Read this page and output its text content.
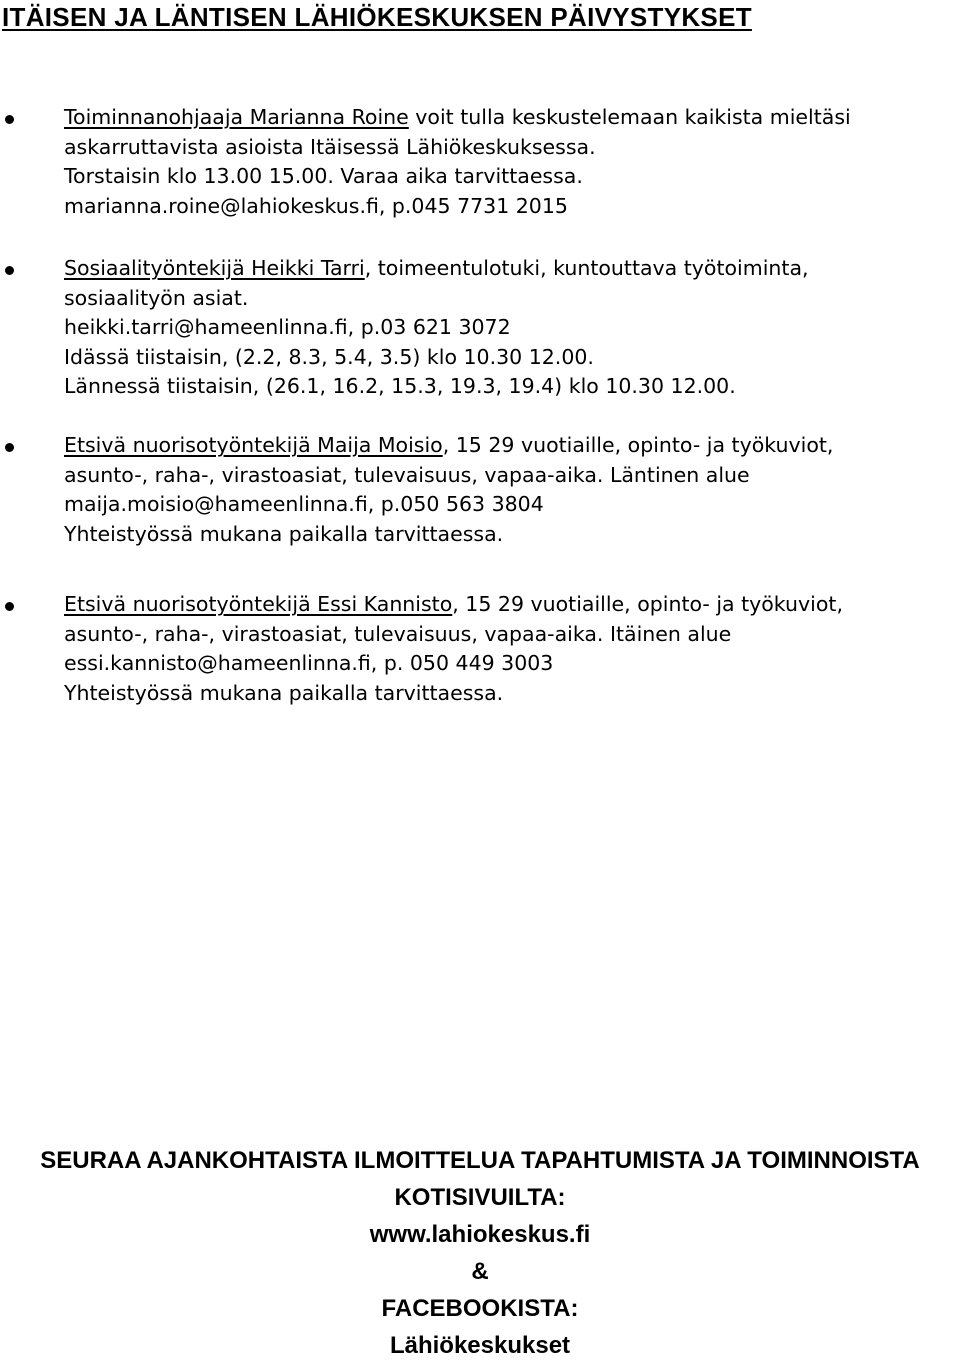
ITÄISEN JA LÄNTISEN LÄHIÖKESKUKSEN PÄIVYSTYKSET
Toiminnanohjaaja Marianna Roine voit tulla keskustelemaan kaikista mieltäsi
askarruttavista asioista Itäisessä Lähiökeskuksessa.
Torstaisin klo 13.00 15.00. Varaa aika tarvittaessa.
marianna.roine@lahiokeskus.fi, p.045 7731 2015
Sosiaalityöntekijä Heikki Tarri, toimeentulotuki, kuntouttava työtoiminta,
sosiaalityön asiat.
heikki.tarri@hameenlinna.fi, p.03 621 3072
Idässä tiistaisin, (2.2, 8.3, 5.4, 3.5) klo 10.30 12.00.
Lännessä tiistaisin, (26.1, 16.2, 15.3, 19.3, 19.4) klo 10.30 12.00.
Etsivä nuorisotyöntekijä Maija Moisio, 15 29 vuotiaille, opinto- ja työkuviot,
asunto-, raha-, virastoasiat, tulevaisuus, vapaa-aika. Läntinen alue
maija.moisio@hameenlinna.fi, p.050 563 3804
Yhteistyössä mukana paikalla tarvittaessa.
Etsivä nuorisotyöntekijä Essi Kannisto, 15 29 vuotiaille, opinto- ja työkuviot,
asunto-, raha-, virastoasiat, tulevaisuus, vapaa-aika. Itäinen alue
essi.kannisto@hameenlinna.fi, p. 050 449 3003
Yhteistyössä mukana paikalla tarvittaessa.
SEURAA AJANKOHTAISTA ILMOITTELUA TAPAHTUMISTA JA TOIMINNOISTA
KOTISIVUILTA:
www.lahiokeskus.fi
&
FACEBOOKISTA:
Lähiökeskukset
